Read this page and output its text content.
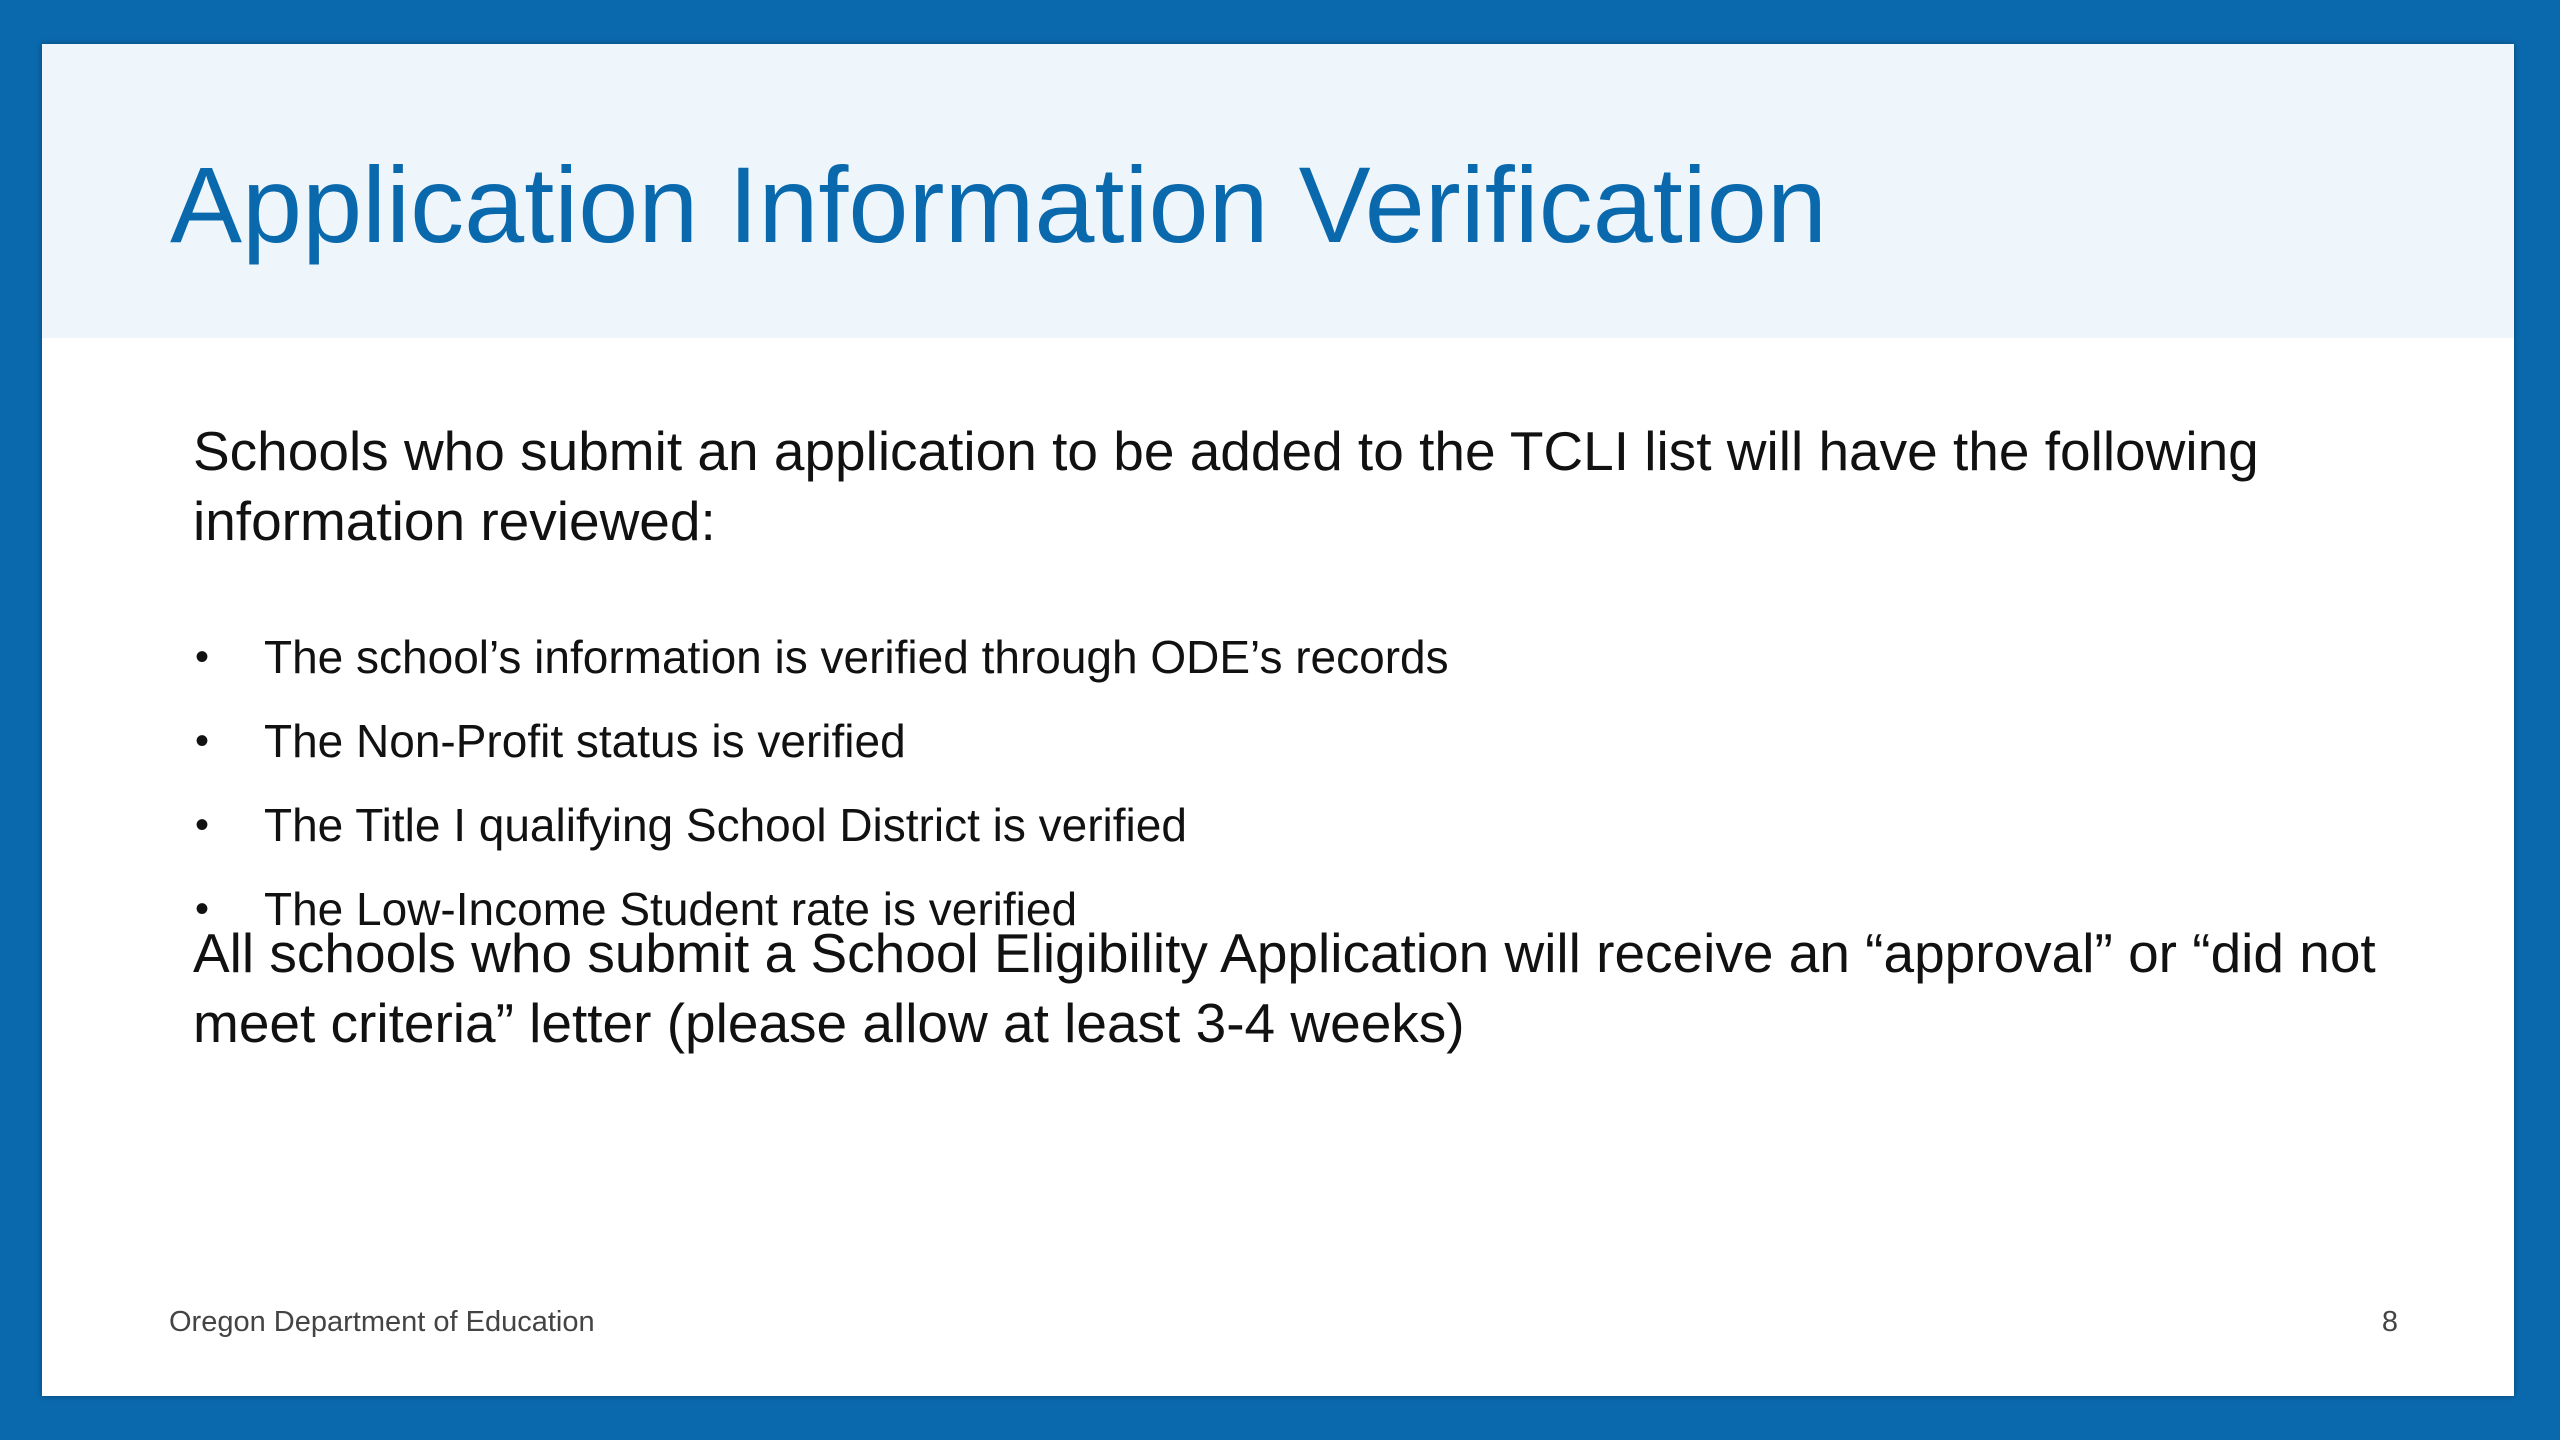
Application Information Verification

Schools who submit an application to be added to the TCLI list will have the following information reviewed:

• The school’s information is verified through ODE’s records
• The Non-Profit status is verified
• The Title I qualifying School District is verified
• The Low-Income Student rate is verified

All schools who submit a School Eligibility Application will receive an “approval” or “did not meet criteria” letter (please allow at least 3-4 weeks)

Oregon Department of Education	8
